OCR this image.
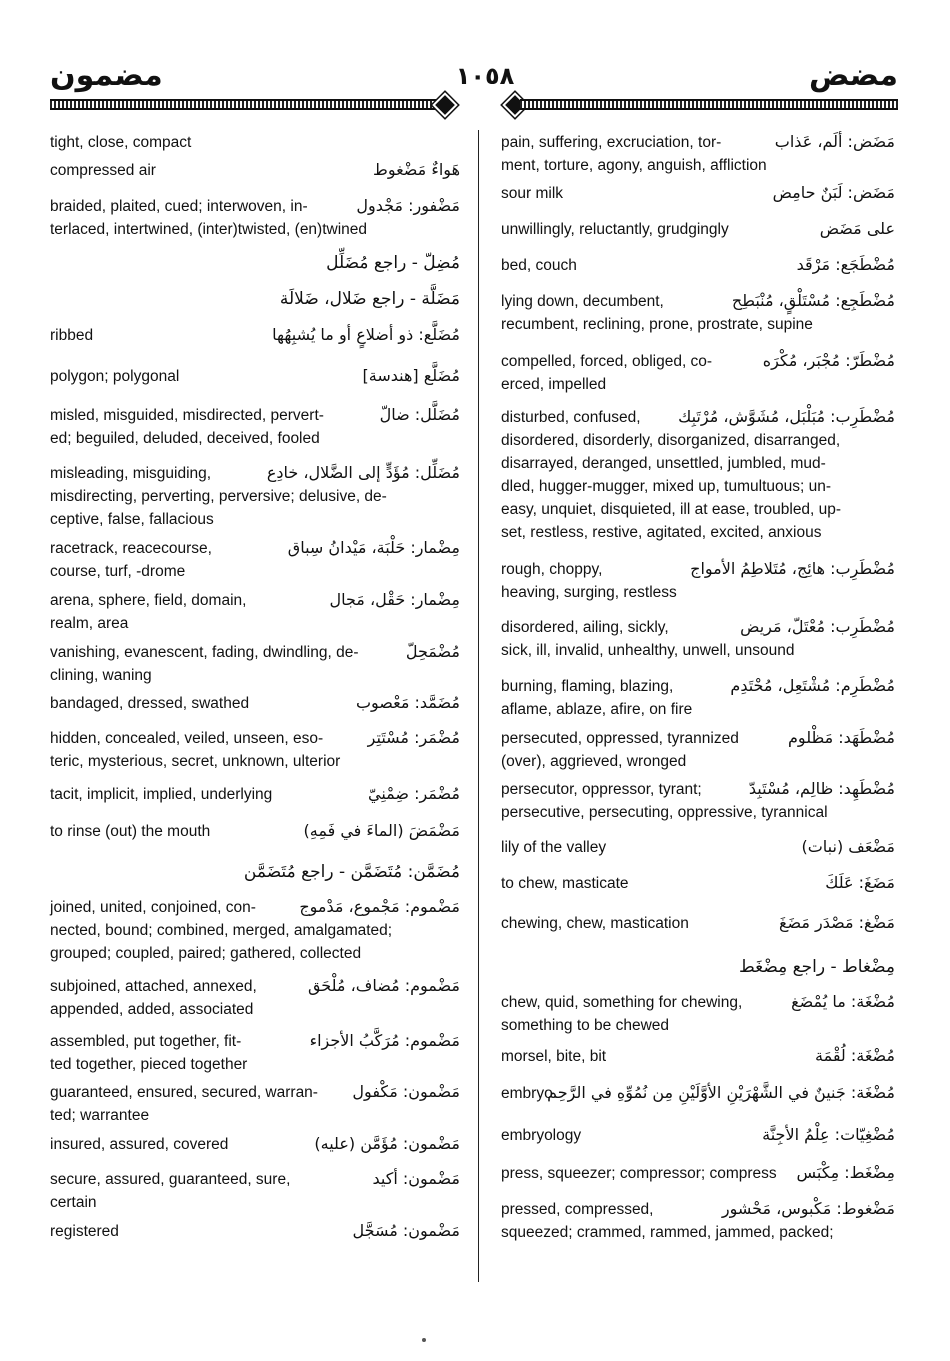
مضمون	١٠٥٨	مضض
tight, close, compact
هَواءٌ مَضْغوط
compressed air
مَضْفور: مَجْدول
braided, plaited, cued; interwoven, in-
terlaced, intertwined, (inter)twisted, (en)twined
مُضِلّ - راجع مُضَلِّل
مَضَلَّة - راجع ضَلال، ضَلالَة
مُضَلَّع: ذو أضلاعٍ أو ما يُشبِهُها
ribbed
مُضَلَّع [هندسة]
polygon; polygonal
مُضَلَّل: ضالّ
misled, misguided, misdirected, pervert-
ed; beguiled, deluded, deceived, fooled
مُضَلِّل: مُؤَدٍّ إلى الضَّلال، خادِع
misleading, misguiding,
misdirecting, perverting, perversive; delusive, de-
ceptive, false, fallacious
مِضْمار: حَلْبَة، مَيْدانُ سِباق
racetrack, reacecourse,
course, turf, -drome
مِضْمار: حَقْل، مَجال
arena, sphere, field, domain,
realm, area
مُضْمَحِلّ
vanishing, evanescent, fading, dwindling, de-
clining, waning
مُضَمَّد: مَعْصوب
bandaged, dressed, swathed
مُضْمَر: مُسْتَتِر
hidden, concealed, veiled, unseen, eso-
teric, mysterious, secret, unknown, ulterior
مُضْمَر: ضِمْنِيّ
tacit, implicit, implied, underlying
مَضْمَضَ (الماءَ في فَمِهِ)
to rinse (out) the mouth
مُضَمَّن: مُتَضَمَّن - راجع مُتَضَمَّن
مَضْموم: مَجْموع، مَدْموج
joined, united, conjoined, con-
nected, bound; combined, merged, amalgamated;
grouped; coupled, paired; gathered, collected
مَضْموم: مُضاف، مُلْحَق
subjoined, attached, annexed,
appended, added, associated
مَضْموم: مُرَكَّبُ الأجزاء
assembled, put together, fit-
ted together, pieced together
مَضْمون: مَكْفول
guaranteed, ensured, secured, warran-
ted; warrantee
مَضْمون: مُؤَمَّن (عليه)
insured, assured, covered
مَضْمون: أكيد
secure, assured, guaranteed, sure,
certain
مَضْمون: مُسَجَّل
registered
مَضَض: ألَم، عَذاب
pain, suffering, excruciation, tor-
ment, torture, agony, anguish, affliction
مَضَض: لَبَنٌ حامِض
sour milk
على مَضَض
unwillingly, reluctantly, grudgingly
مُضْطَجَع: مَرْقَد
bed, couch
مُضْطَجِع: مُسْتَلْقٍ، مُنْبَطِح
lying down, decumbent,
recumbent, reclining, prone, prostrate, supine
مُضْطَرّ: مُجْبَر، مُكْرَه
compelled, forced, obliged, co-
erced, impelled
مُضْطَرِب: مُبَلْبَل، مُشَوَّش، مُرْتَبِك
disturbed, confused,
disordered, disorderly, disorganized, disarranged,
disarrayed, deranged, unsettled, jumbled, mud-
dled, hugger-mugger, mixed up, tumultuous; un-
easy, unquiet, disquieted, ill at ease, troubled, up-
set, restless, restive, agitated, excited, anxious
مُضْطَرِب: هائِج، مُتَلاطِمُ الأمواج
rough, choppy,
heaving, surging, restless
مُضْطَرِب: مُعْتَلّ، مَريض
disordered, ailing, sickly,
sick, ill, invalid, unhealthy, unwell, unsound
مُضْطَرِم: مُشْتَعِل، مُحْتَدِم
burning, flaming, blazing,
aflame, ablaze, afire, on fire
مُضْطَهَد: مَظْلوم
persecuted, oppressed, tyrannized
(over), aggrieved, wronged
مُضْطَهِد: ظالِم، مُسْتَبِدّ
persecutor, oppressor, tyrant;
persecutive, persecuting, oppressive, tyrannical
مَضْعَف (نبات)
lily of the valley
مَضَغَ: عَلَكَ
to chew, masticate
مَضْغ: مَصْدَر مَضَغَ
chewing, chew, mastication
مِضْغاط - راجع مِضْغَط
مُضْغَة: ما يُمْضَغ
chew, quid, something for chewing,
something to be chewed
مُضْغَة: لُقْمَة
morsel, bite, bit
مُضْغَة: جَنينٌ في الشَّهْرَيْنِ الأوَّلَيْنِ مِن نُمُوِّهِ في الرَّحِم
embryo
مُضْغِيّات: عِلْمُ الأجِنَّة
embryology
مِضْغَط: مِكْبَس
press, squeezer; compressor; compress
مَضْغوط: مَكْبوس، مَحْشور
pressed, compressed,
squeezed; crammed, rammed, jammed, packed;
